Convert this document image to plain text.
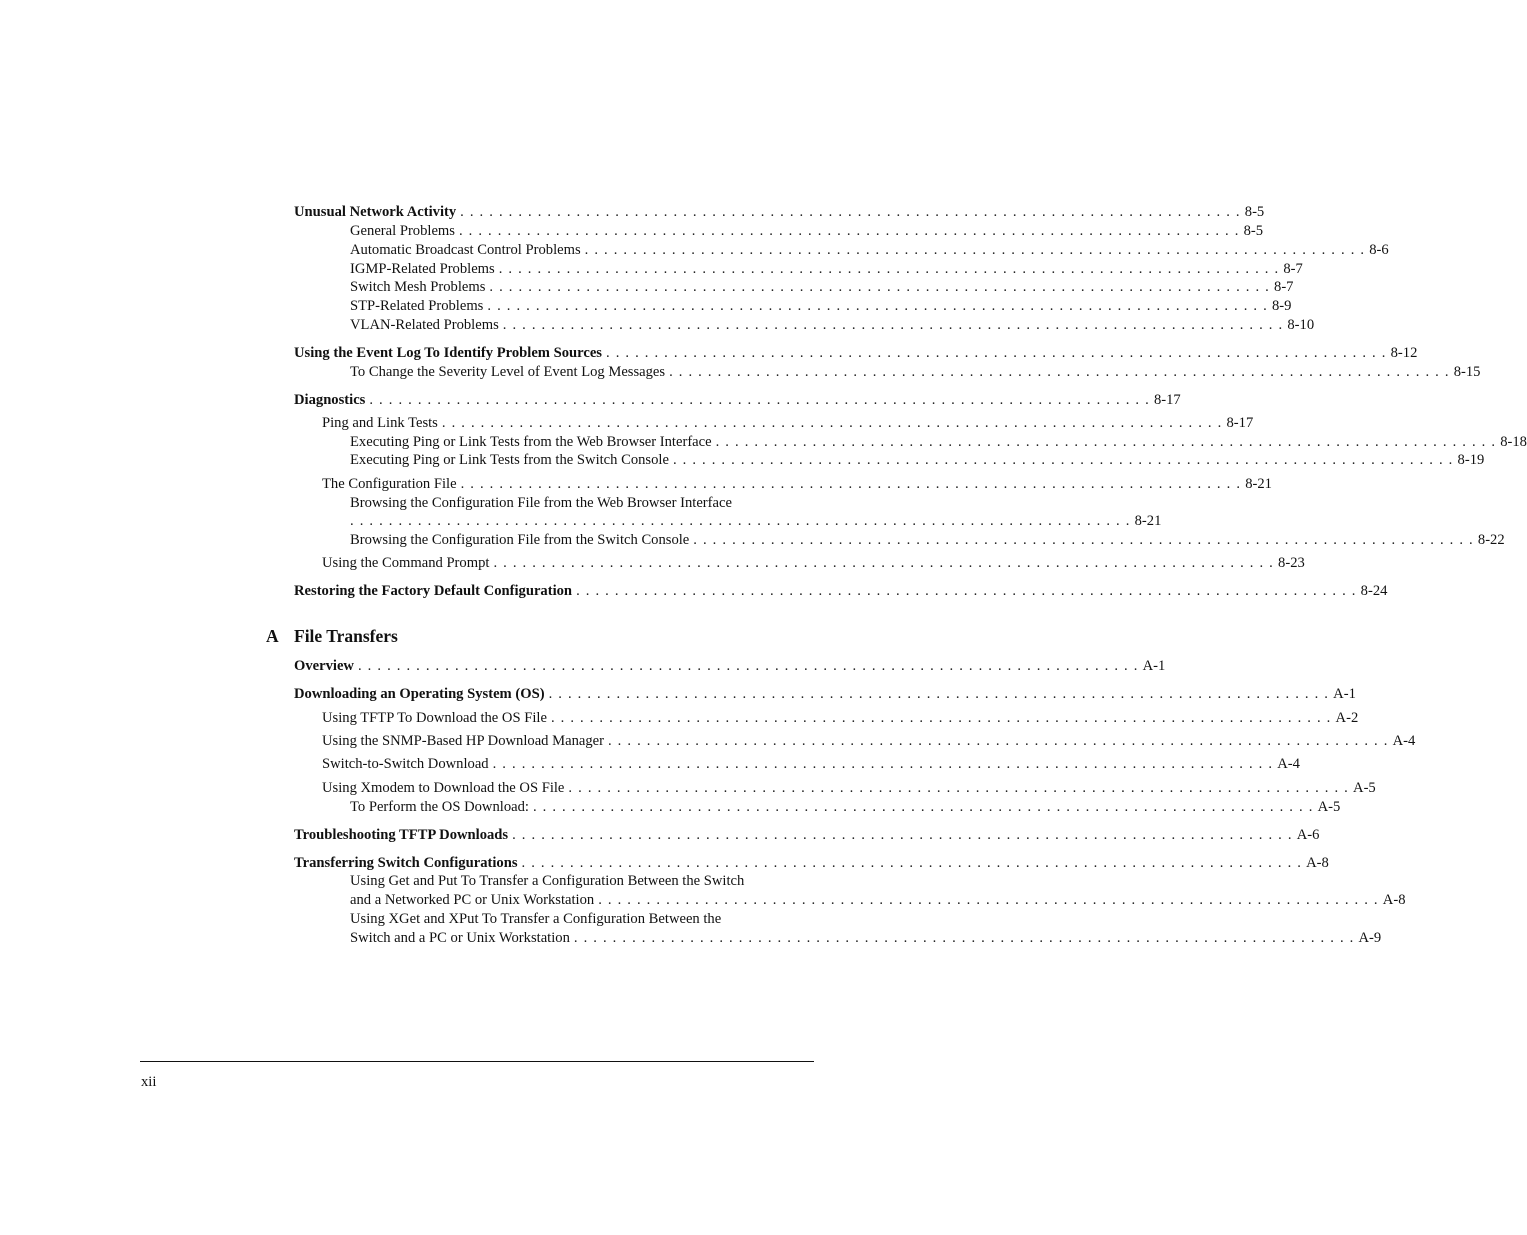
A File Transfers
Unusual Network Activity . . . . . . . . . . . . . . . . . . . . . . . . . . . . . . . . . . . . . . . . . . . . . . . . . . . . . . . . . . . . . . . . . . . . . . . . . . . . . . . . . 8-5
General Problems . . . . . . . . . . . . . . . . . . . . . . . . . . . . . . . . . . . . . . . . . . . . . . . . . . . . . . . . . . . . . . . . . . . . . . . . . . . . . . . . . 8-5
Automatic Broadcast Control Problems . . . . . . . . . . . . . . . . . . . . . . . . . . . . . . . . . . . . . . . . . . . . . . . . . . . . . . . . . . . . . . . . . . . . . . . . . . . . . . . . . 8-6
IGMP-Related Problems . . . . . . . . . . . . . . . . . . . . . . . . . . . . . . . . . . . . . . . . . . . . . . . . . . . . . . . . . . . . . . . . . . . . . . . . . . . . . . . . . 8-7
Switch Mesh Problems . . . . . . . . . . . . . . . . . . . . . . . . . . . . . . . . . . . . . . . . . . . . . . . . . . . . . . . . . . . . . . . . . . . . . . . . . . . . . . . . . 8-7
STP-Related Problems . . . . . . . . . . . . . . . . . . . . . . . . . . . . . . . . . . . . . . . . . . . . . . . . . . . . . . . . . . . . . . . . . . . . . . . . . . . . . . . . . 8-9
VLAN-Related Problems . . . . . . . . . . . . . . . . . . . . . . . . . . . . . . . . . . . . . . . . . . . . . . . . . . . . . . . . . . . . . . . . . . . . . . . . . . . . . . . . . 8-10
Using the Event Log To Identify Problem Sources . . . . . . . . . . . . . . . . . . . . . . . . . . . . . . . . . . . . . . . . . . . . . . . . . . . . . . . . . . . . . . . . . . . . . . . . . . . . . . . . . 8-12
To Change the Severity Level of Event Log Messages . . . . . . . . . . . . . . . . . . . . . . . . . . . . . . . . . . . . . . . . . . . . . . . . . . . . . . . . . . . . . . . . . . . . . . . . . . . . . . . . . 8-15
Diagnostics . . . . . . . . . . . . . . . . . . . . . . . . . . . . . . . . . . . . . . . . . . . . . . . . . . . . . . . . . . . . . . . . . . . . . . . . . . . . . . . . . 8-17
Ping and Link Tests . . . . . . . . . . . . . . . . . . . . . . . . . . . . . . . . . . . . . . . . . . . . . . . . . . . . . . . . . . . . . . . . . . . . . . . . . . . . . . . . . 8-17
Executing Ping or Link Tests from the Web Browser Interface . . . . . . . . . . . . . . . . . . . . . . . . . . . . . . . . . . . . . . . . . . . . . . . . . . . . . . . . . . . . . . . . . . . . . . . . . . . . . . . . . 8-18
Executing Ping or Link Tests from the Switch Console . . . . . . . . . . . . . . . . . . . . . . . . . . . . . . . . . . . . . . . . . . . . . . . . . . . . . . . . . . . . . . . . . . . . . . . . . . . . . . . . . 8-19
The Configuration File . . . . . . . . . . . . . . . . . . . . . . . . . . . . . . . . . . . . . . . . . . . . . . . . . . . . . . . . . . . . . . . . . . . . . . . . . . . . . . . . . 8-21
Browsing the Configuration File from the Web Browser Interface
. . . . . . . . . . . . . . . . . . . . . . . . . . . . . . . . . . . . . . . . . . . . . . . . . . . . . . . . . . . . . . . . . . . . . . . . . . . . . . . . . 8-21
Browsing the Configuration File from the Switch Console . . . . . . . . . . . . . . . . . . . . . . . . . . . . . . . . . . . . . . . . . . . . . . . . . . . . . . . . . . . . . . . . . . . . . . . . . . . . . . . . . 8-22
Using the Command Prompt . . . . . . . . . . . . . . . . . . . . . . . . . . . . . . . . . . . . . . . . . . . . . . . . . . . . . . . . . . . . . . . . . . . . . . . . . . . . . . . . . 8-23
Restoring the Factory Default Configuration . . . . . . . . . . . . . . . . . . . . . . . . . . . . . . . . . . . . . . . . . . . . . . . . . . . . . . . . . . . . . . . . . . . . . . . . . . . . . . . . . 8-24
Overview . . . . . . . . . . . . . . . . . . . . . . . . . . . . . . . . . . . . . . . . . . . . . . . . . . . . . . . . . . . . . . . . . . . . . . . . . . . . . . . . . A-1
Downloading an Operating System (OS) . . . . . . . . . . . . . . . . . . . . . . . . . . . . . . . . . . . . . . . . . . . . . . . . . . . . . . . . . . . . . . . . . . . . . . . . . . . . . . . . . A-1
Using TFTP To Download the OS File . . . . . . . . . . . . . . . . . . . . . . . . . . . . . . . . . . . . . . . . . . . . . . . . . . . . . . . . . . . . . . . . . . . . . . . . . . . . . . . . . A-2
Using the SNMP-Based HP Download Manager . . . . . . . . . . . . . . . . . . . . . . . . . . . . . . . . . . . . . . . . . . . . . . . . . . . . . . . . . . . . . . . . . . . . . . . . . . . . . . . . . A-4
Switch-to-Switch Download . . . . . . . . . . . . . . . . . . . . . . . . . . . . . . . . . . . . . . . . . . . . . . . . . . . . . . . . . . . . . . . . . . . . . . . . . . . . . . . . . A-4
Using Xmodem to Download the OS File . . . . . . . . . . . . . . . . . . . . . . . . . . . . . . . . . . . . . . . . . . . . . . . . . . . . . . . . . . . . . . . . . . . . . . . . . . . . . . . . . A-5
To Perform the OS Download: . . . . . . . . . . . . . . . . . . . . . . . . . . . . . . . . . . . . . . . . . . . . . . . . . . . . . . . . . . . . . . . . . . . . . . . . . . . . . . . . . A-5
Troubleshooting TFTP Downloads . . . . . . . . . . . . . . . . . . . . . . . . . . . . . . . . . . . . . . . . . . . . . . . . . . . . . . . . . . . . . . . . . . . . . . . . . . . . . . . . . A-6
Transferring Switch Configurations . . . . . . . . . . . . . . . . . . . . . . . . . . . . . . . . . . . . . . . . . . . . . . . . . . . . . . . . . . . . . . . . . . . . . . . . . . . . . . . . . A-8
Using Get and Put To Transfer a Configuration Between the Switch
and a Networked PC or Unix Workstation . . . . . . . . . . . . . . . . . . . . . . . . . . . . . . . . . . . . . . . . . . . . . . . . . . . . . . . . . . . . . . . . . . . . . . . . . . . . . . . . . A-8
Using XGet and XPut To Transfer a Configuration Between the
Switch and a PC or Unix Workstation . . . . . . . . . . . . . . . . . . . . . . . . . . . . . . . . . . . . . . . . . . . . . . . . . . . . . . . . . . . . . . . . . . . . . . . . . . . . . . . . . A-9
xii
